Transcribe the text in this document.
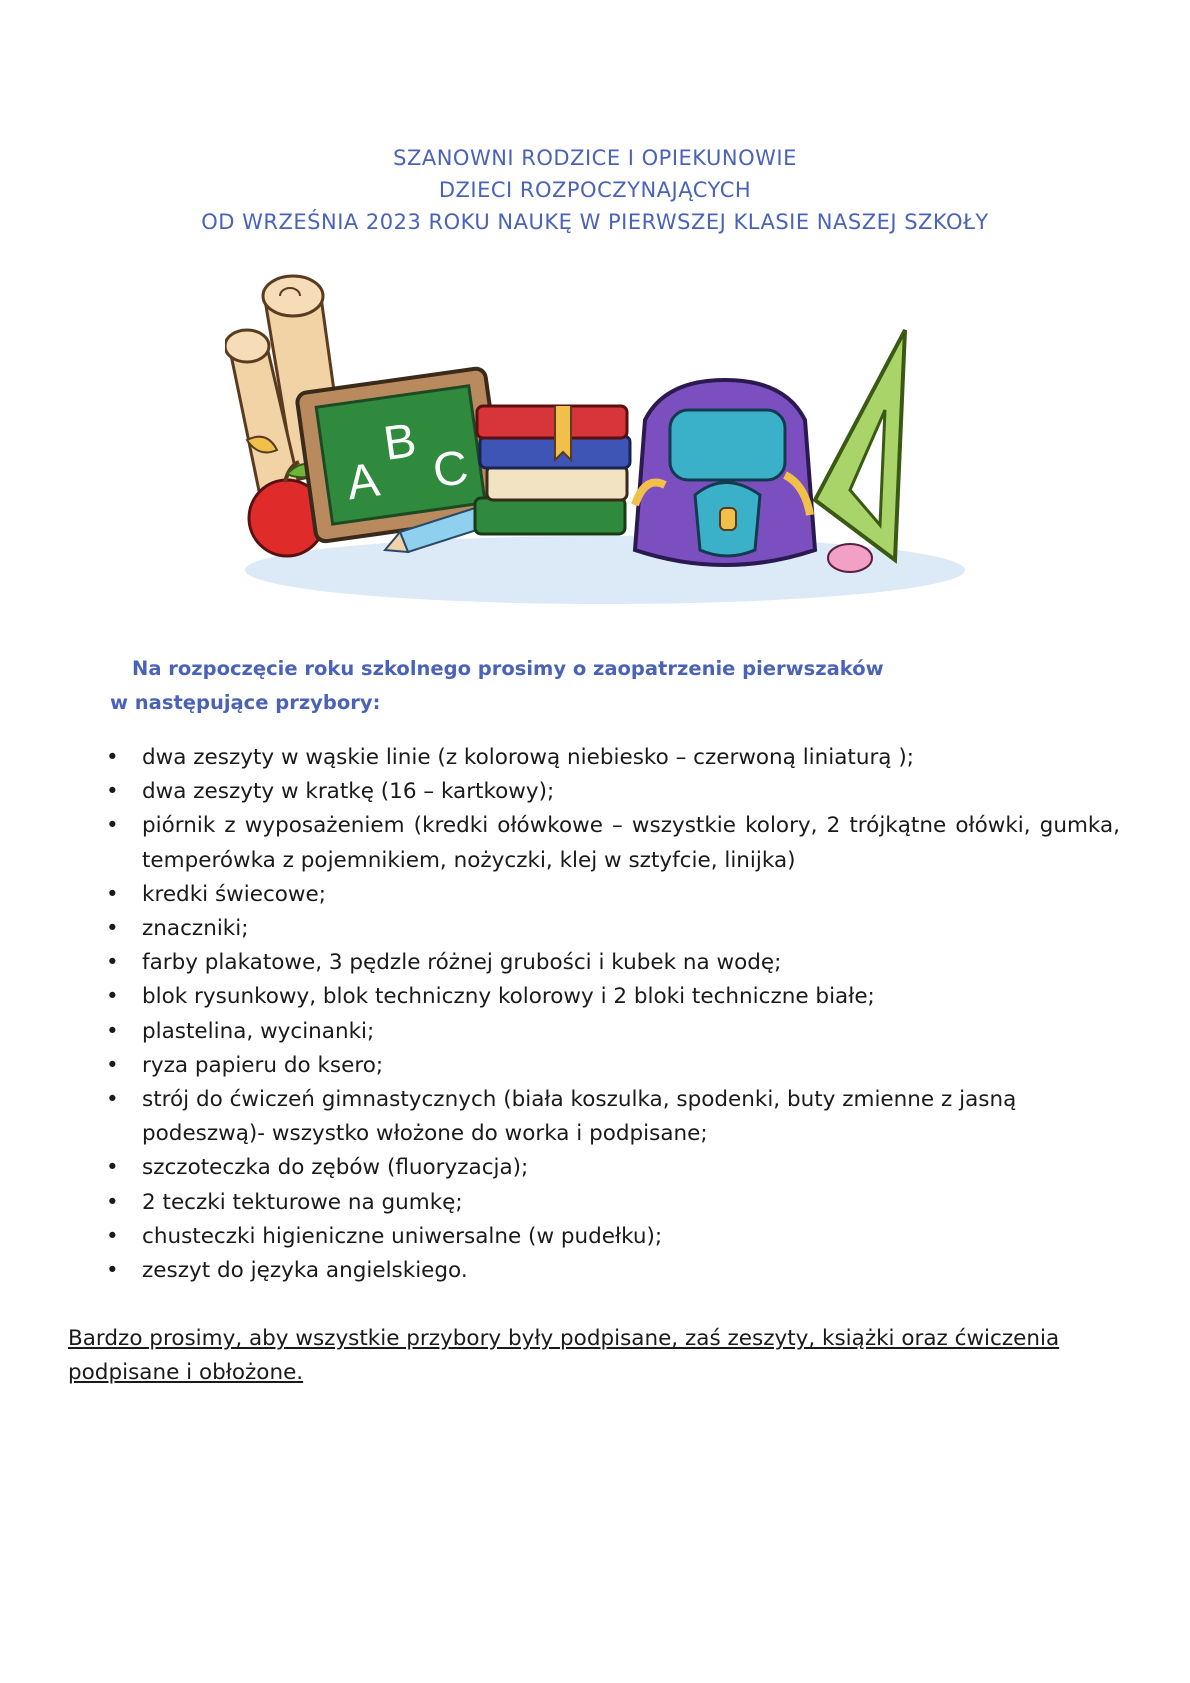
SZANOWNI RODZICE I OPIEKUNOWIE
DZIECI ROZPOCZYNAJĄCYCH
OD WRZEŚNIA 2023 ROKU NAUKĘ W PIERWSZEJ KLASIE NASZEJ SZKOŁY
A
B C
Na rozpoczęcie roku szkolnego prosimy o zaopatrzenie pierwszaków
w następujące przybory:
• dwa zeszyty w wąskie linie (z kolorową niebiesko – czerwoną liniaturą );
• dwa zeszyty w kratkę (16 – kartkowy);
• piórnik z wyposażeniem (kredki ołówkowe – wszystkie kolory, 2 trójkątne ołówki, gumka, temperówka z pojemnikiem, nożyczki, klej w sztyfcie, linijka)
• kredki świecowe;
• znaczniki;
• farby plakatowe, 3 pędzle różnej grubości i kubek na wodę;
• blok rysunkowy, blok techniczny kolorowy i 2 bloki techniczne białe;
• plastelina, wycinanki;
• ryza papieru do ksero;
• strój do ćwiczeń gimnastycznych (biała koszulka, spodenki, buty zmienne z jasną podeszwą)- wszystko włożone do worka i podpisane;
• szczoteczka do zębów (fluoryzacja);
• 2 teczki tekturowe na gumkę;
• chusteczki higieniczne uniwersalne (w pudełku);
• zeszyt do języka angielskiego.
Bardzo prosimy, aby wszystkie przybory były podpisane, zaś zeszyty, książki oraz ćwiczenia podpisane i obłożone.
